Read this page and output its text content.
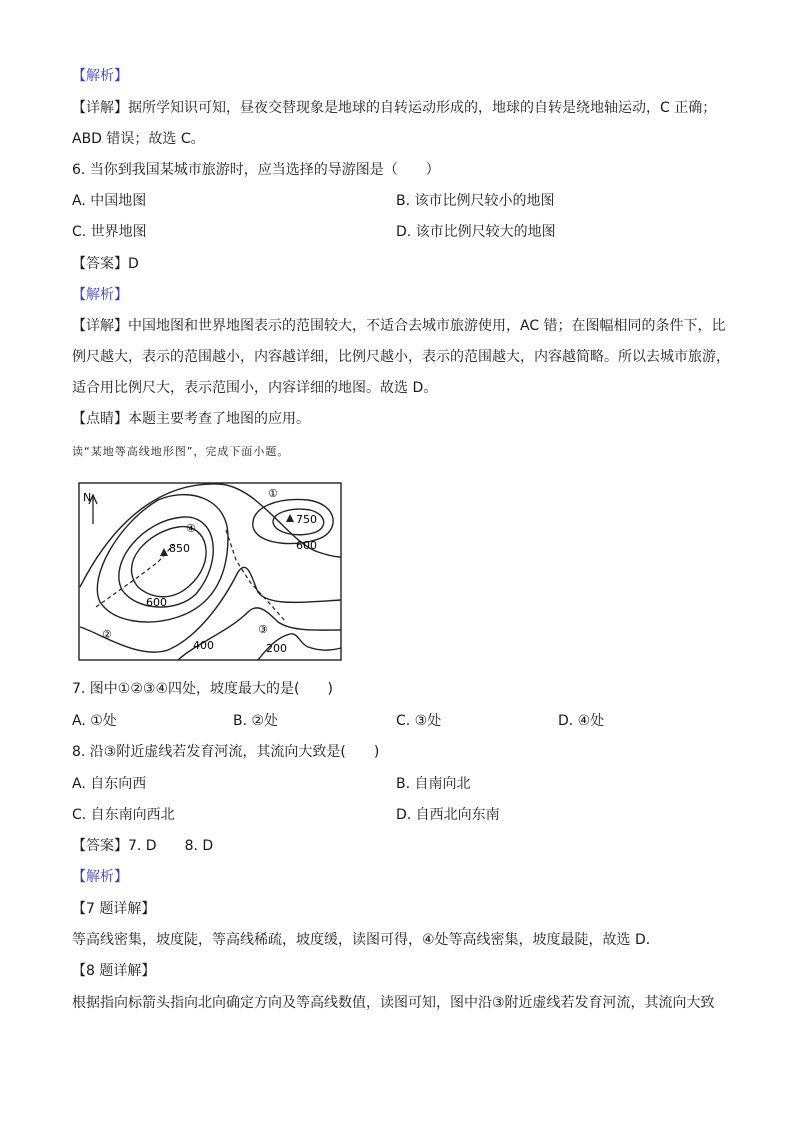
【解析】
【详解】据所学知识可知，昼夜交替现象是地球的自转运动形成的，地球的自转是绕地轴运动，C 正确；
ABD 错误；故选 C。
6. 当你到我国某城市旅游时，应当选择的导游图是（　　）
A. 中国地图	B. 该市比例尺较小的地图
C. 世界地图	D. 该市比例尺较大的地图
【答案】D
【解析】
【详解】中国地图和世界地图表示的范围较大，不适合去城市旅游使用，AC 错；在图幅相同的条件下，比
例尺越大，表示的范围越小，内容越详细，比例尺越小，表示的范围越大，内容越简略。所以去城市旅游，
适合用比例尺大，表示范围小，内容详细的地图。故选 D。
【点睛】本题主要考查了地图的应用。
读“某地等高线地形图”，完成下面小题。
N
850
750
600
600
400	200
①
②	③
④
7. 图中①②③④四处，坡度最大的是(　　)
A. ①处	B. ②处	C. ③处	D. ④处
8. 沿③附近虚线若发育河流，其流向大致是(　　)
A. 自东向西	B. 自南向北
C. 自东南向西北	D. 自西北向东南
【答案】7. D　　8. D
【解析】
【7 题详解】
等高线密集，坡度陡，等高线稀疏，坡度缓，读图可得，④处等高线密集，坡度最陡，故选 D．
【8 题详解】
根据指向标箭头指向北向确定方向及等高线数值，读图可知，图中沿③附近虚线若发育河流，其流向大致
